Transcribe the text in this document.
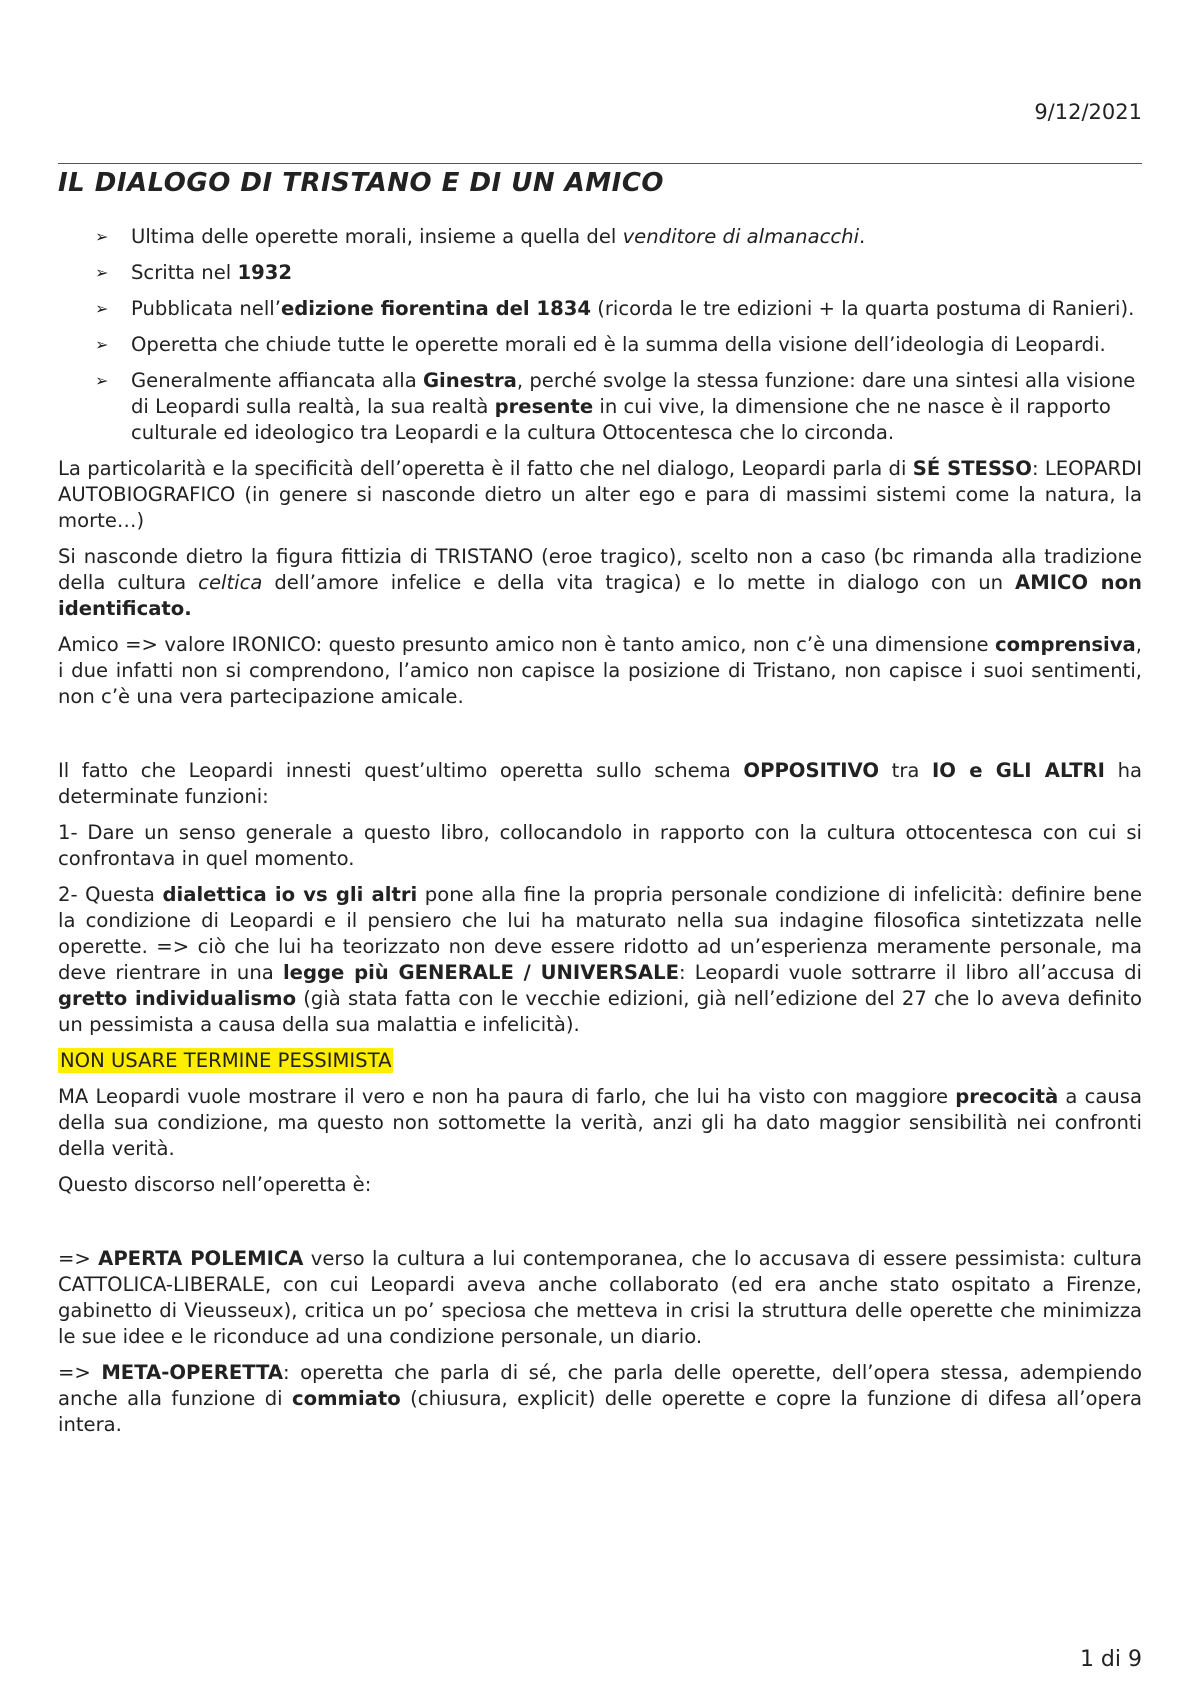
9/12/2021
IL DIALOGO DI TRISTANO E DI UN AMICO
➢ Ultima delle operette morali, insieme a quella del venditore di almanacchi.
➢ Scritta nel 1932
➢ Pubblicata nell’edizione fiorentina del 1834 (ricorda le tre edizioni + la quarta postuma di Ranieri).
➢ Operetta che chiude tutte le operette morali ed è la summa della visione dell’ideologia di Leopardi.
➢ Generalmente affiancata alla Ginestra, perché svolge la stessa funzione: dare una sintesi alla visione di Leopardi sulla realtà, la sua realtà presente in cui vive, la dimensione che ne nasce è il rapporto culturale ed ideologico tra Leopardi e la cultura Ottocentesca che lo circonda.

La particolarità e la specificità dell’operetta è il fatto che nel dialogo, Leopardi parla di SÉ STESSO: LEOPARDI AUTOBIOGRAFICO (in genere si nasconde dietro un alter ego e para di massimi sistemi come la natura, la morte…)

Si nasconde dietro la figura fittizia di TRISTANO (eroe tragico), scelto non a caso (bc rimanda alla tradizione della cultura celtica dell’amore infelice e della vita tragica) e lo mette in dialogo con un AMICO non identificato.

Amico => valore IRONICO: questo presunto amico non è tanto amico, non c’è una dimensione comprensiva, i due infatti non si comprendono, l’amico non capisce la posizione di Tristano, non capisce i suoi sentimenti, non c’è una vera partecipazione amicale.

Il fatto che Leopardi innesti quest’ultimo operetta sullo schema OPPOSITIVO tra IO e GLI ALTRI ha determinate funzioni:

1- Dare un senso generale a questo libro, collocandolo in rapporto con la cultura ottocentesca con cui si confrontava in quel momento.

2- Questa dialettica io vs gli altri pone alla fine la propria personale condizione di infelicità: definire bene la condizione di Leopardi e il pensiero che lui ha maturato nella sua indagine filosofica sintetizzata nelle operette. => ciò che lui ha teorizzato non deve essere ridotto ad un’esperienza meramente personale, ma deve rientrare in una legge più GENERALE / UNIVERSALE: Leopardi vuole sottrarre il libro all’accusa di gretto individualismo (già stata fatta con le vecchie edizioni, già nell’edizione del 27 che lo aveva definito un pessimista a causa della sua malattia e infelicità).

NON USARE TERMINE PESSIMISTA

MA Leopardi vuole mostrare il vero e non ha paura di farlo, che lui ha visto con maggiore precocità a causa della sua condizione, ma questo non sottomette la verità, anzi gli ha dato maggior sensibilità nei confronti della verità.

Questo discorso nell’operetta è:

=> APERTA POLEMICA verso la cultura a lui contemporanea, che lo accusava di essere pessimista: cultura CATTOLICA-LIBERALE, con cui Leopardi aveva anche collaborato (ed era anche stato ospitato a Firenze, gabinetto di Vieusseux), critica un po’ speciosa che metteva in crisi la struttura delle operette che minimizza le sue idee e le riconduce ad una condizione personale, un diario.

=> META-OPERETTA: operetta che parla di sé, che parla delle operette, dell’opera stessa, adempiendo anche alla funzione di commiato (chiusura, explicit) delle operette e copre la funzione di difesa all’opera intera.

1 di 9
